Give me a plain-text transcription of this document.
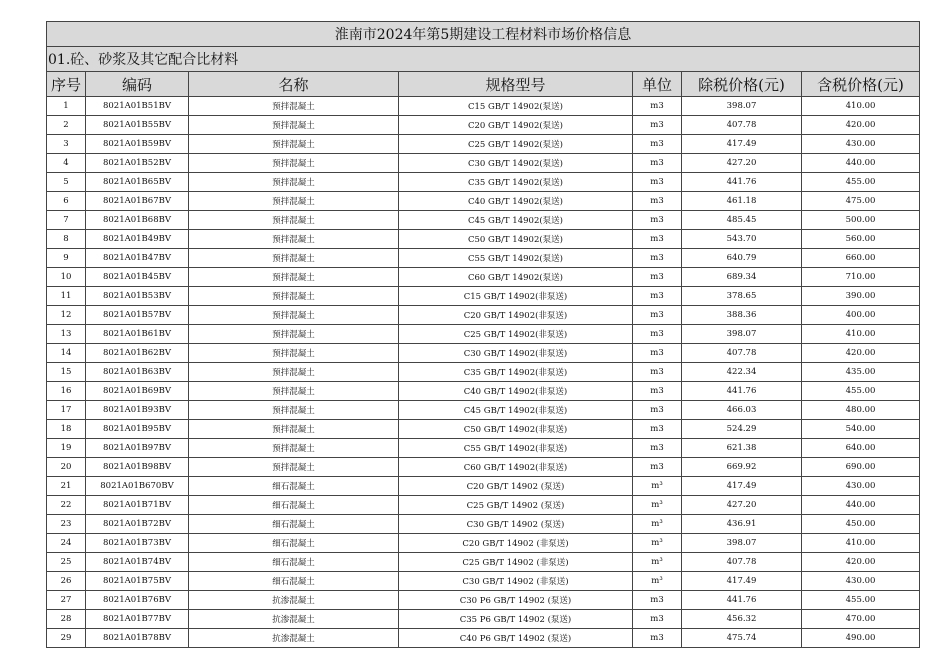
淮南市2024年第5期建设工程材料市场价格信息						
01.砼、砂浆及其它配合比材料						
序号	编码	名称	规格型号	单位	除税价格(元)	含税价格(元)
1	8021A01B51BV	预拌混凝土	C15 GB/T 14902(泵送)	m3	398.07	410.00
2	8021A01B55BV	预拌混凝土	C20 GB/T 14902(泵送)	m3	407.78	420.00
3	8021A01B59BV	预拌混凝土	C25 GB/T 14902(泵送)	m3	417.49	430.00
4	8021A01B52BV	预拌混凝土	C30 GB/T 14902(泵送)	m3	427.20	440.00
5	8021A01B65BV	预拌混凝土	C35 GB/T 14902(泵送)	m3	441.76	455.00
6	8021A01B67BV	预拌混凝土	C40 GB/T 14902(泵送)	m3	461.18	475.00
7	8021A01B68BV	预拌混凝土	C45 GB/T 14902(泵送)	m3	485.45	500.00
8	8021A01B49BV	预拌混凝土	C50 GB/T 14902(泵送)	m3	543.70	560.00
9	8021A01B47BV	预拌混凝土	C55 GB/T 14902(泵送)	m3	640.79	660.00
10	8021A01B45BV	预拌混凝土	C60 GB/T 14902(泵送)	m3	689.34	710.00
11	8021A01B53BV	预拌混凝土	C15 GB/T 14902(非泵送)	m3	378.65	390.00
12	8021A01B57BV	预拌混凝土	C20 GB/T 14902(非泵送)	m3	388.36	400.00
13	8021A01B61BV	预拌混凝土	C25 GB/T 14902(非泵送)	m3	398.07	410.00
14	8021A01B62BV	预拌混凝土	C30 GB/T 14902(非泵送)	m3	407.78	420.00
15	8021A01B63BV	预拌混凝土	C35 GB/T 14902(非泵送)	m3	422.34	435.00
16	8021A01B69BV	预拌混凝土	C40 GB/T 14902(非泵送)	m3	441.76	455.00
17	8021A01B93BV	预拌混凝土	C45 GB/T 14902(非泵送)	m3	466.03	480.00
18	8021A01B95BV	预拌混凝土	C50 GB/T 14902(非泵送)	m3	524.29	540.00
19	8021A01B97BV	预拌混凝土	C55 GB/T 14902(非泵送)	m3	621.38	640.00
20	8021A01B98BV	预拌混凝土	C60 GB/T 14902(非泵送)	m3	669.92	690.00
21	8021A01B670BV	细石混凝土	C20 GB/T 14902 (泵送)	m³	417.49	430.00
22	8021A01B71BV	细石混凝土	C25 GB/T 14902 (泵送)	m³	427.20	440.00
23	8021A01B72BV	细石混凝土	C30 GB/T 14902 (泵送)	m³	436.91	450.00
24	8021A01B73BV	细石混凝土	C20 GB/T 14902 (非泵送)	m³	398.07	410.00
25	8021A01B74BV	细石混凝土	C25 GB/T 14902 (非泵送)	m³	407.78	420.00
26	8021A01B75BV	细石混凝土	C30 GB/T 14902 (非泵送)	m³	417.49	430.00
27	8021A01B76BV	抗渗混凝土	C30 P6 GB/T 14902 (泵送)	m3	441.76	455.00
28	8021A01B77BV	抗渗混凝土	C35 P6 GB/T 14902 (泵送)	m3	456.32	470.00
29	8021A01B78BV	抗渗混凝土	C40 P6 GB/T 14902 (泵送)	m3	475.74	490.00
